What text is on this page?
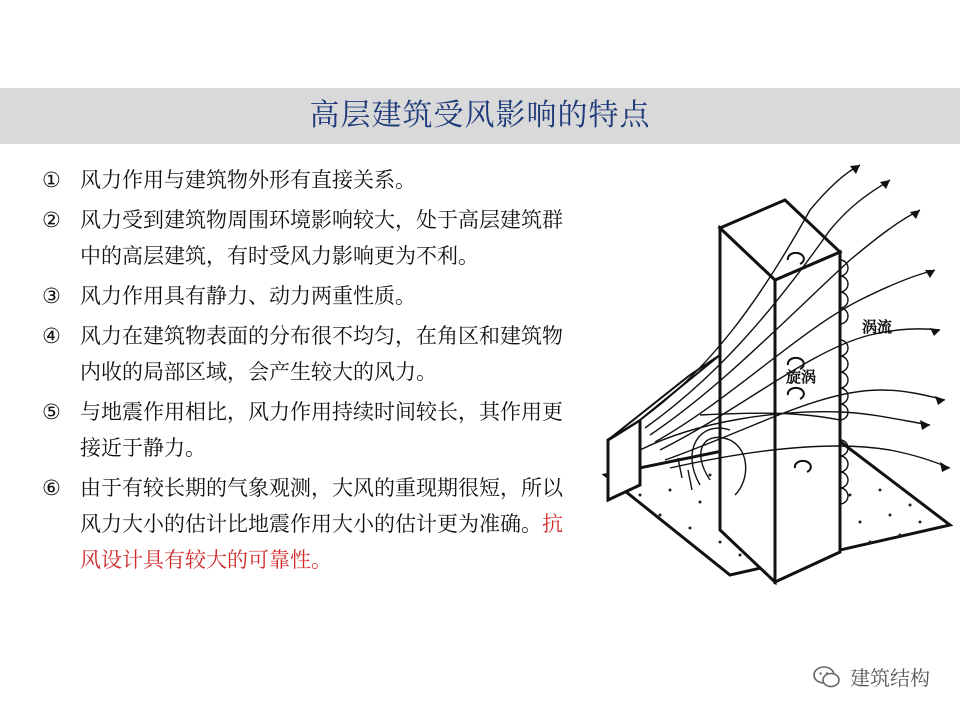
高层建筑受风影响的特点
① 风力作用与建筑物外形有直接关系。
② 风力受到建筑物周围环境影响较大，处于高层建筑群中的高层建筑，有时受风力影响更为不利。
③ 风力作用具有静力、动力两重性质。
④ 风力在建筑物表面的分布很不均匀，在角区和建筑物内收的局部区域，会产生较大的风力。
⑤ 与地震作用相比，风力作用持续时间较长，其作用更接近于静力。
⑥ 由于有较长期的气象观测，大风的重现期很短，所以风力大小的估计比地震作用大小的估计更为准确。抗风设计具有较大的可靠性。
涡流
旋涡
建筑结构
